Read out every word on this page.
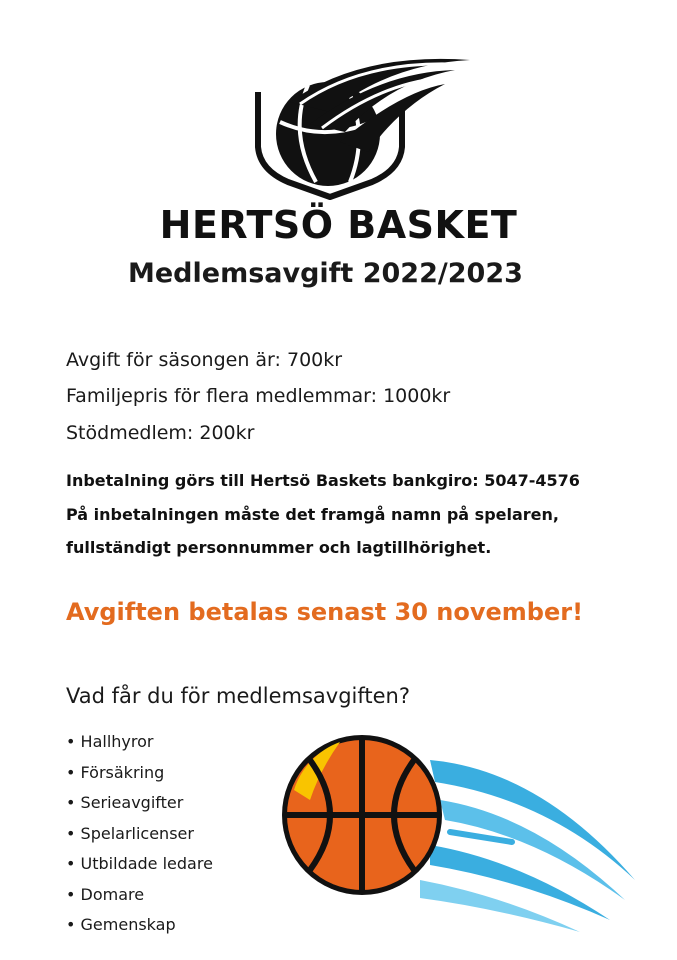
HERTSÖ BASKET
Medlemsavgift 2022/2023
Avgift för säsongen är: 700kr
Familjepris för flera medlemmar: 1000kr
Stödmedlem: 200kr
Inbetalning görs till Hertsö Baskets bankgiro: 5047-4576
På inbetalningen måste det framgå namn på spelaren,
fullständigt personnummer och lagtillhörighet.
Avgiften betalas senast 30 november!
Vad får du för medlemsavgiften?
• Hallhyror
• Försäkring
• Serieavgifter
• Spelarlicenser
• Utbildade ledare
• Domare
• Gemenskap
